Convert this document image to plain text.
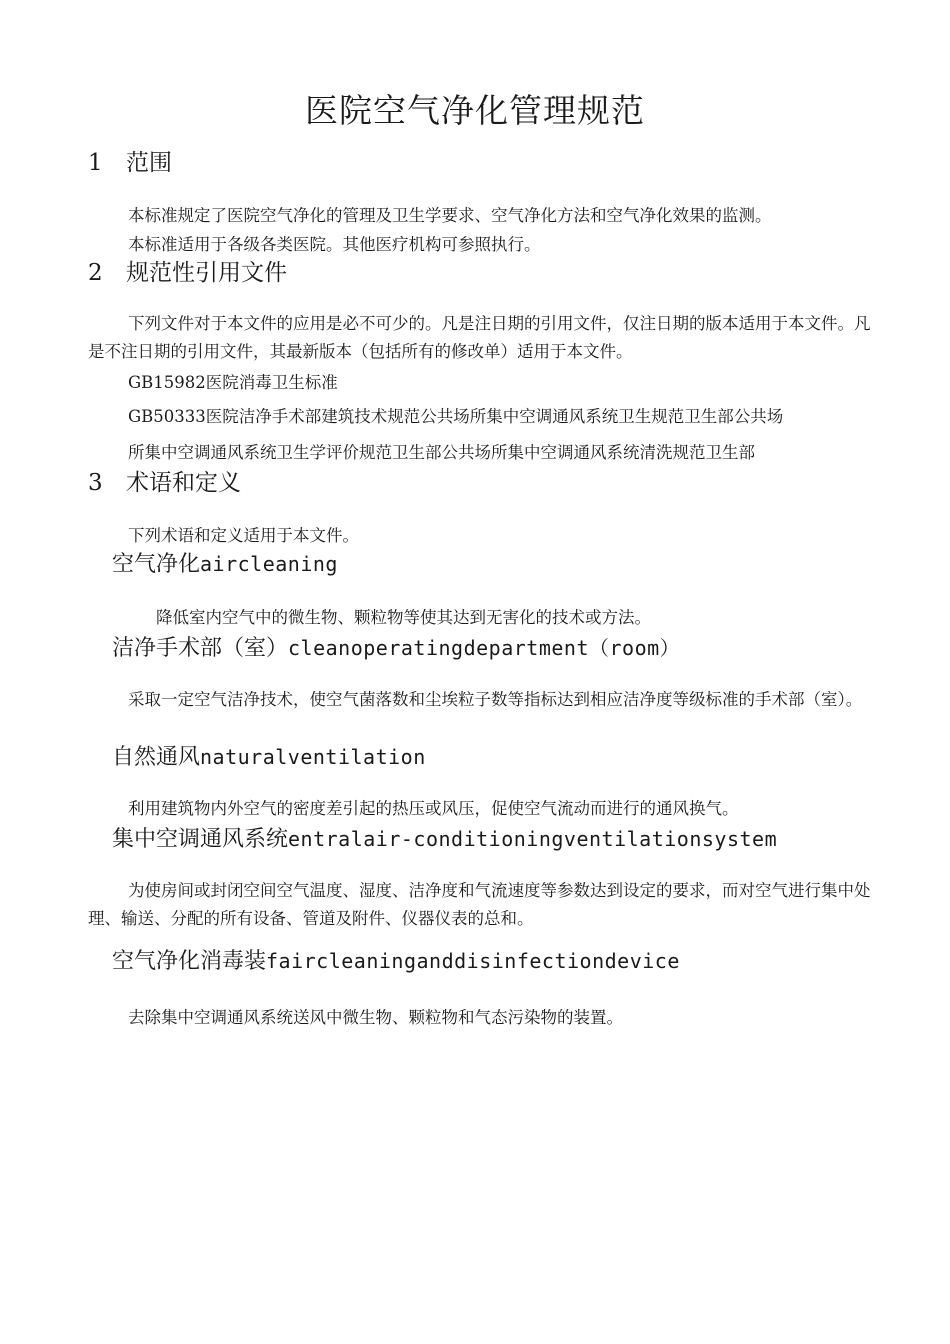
医院空气净化管理规范
1 范围
本标准规定了医院空气净化的管理及卫生学要求、空气净化方法和空气净化效果的监测。
本标准适用于各级各类医院。其他医疗机构可参照执行。
2 规范性引用文件
下列文件对于本文件的应用是必不可少的。凡是注日期的引用文件，仅注日期的版本适用于本文件。凡是不注日期的引用文件，其最新版本（包括所有的修改单）适用于本文件。
GB15982医院消毒卫生标准
GB50333医院洁净手术部建筑技术规范公共场所集中空调通风系统卫生规范卫生部公共场
所集中空调通风系统卫生学评价规范卫生部公共场所集中空调通风系统清洗规范卫生部
3 术语和定义
下列术语和定义适用于本文件。
空气净化aircleaning
降低室内空气中的微生物、颗粒物等使其达到无害化的技术或方法。
洁净手术部（室）cleanoperatingdepartment（room）
采取一定空气洁净技术，使空气菌落数和尘埃粒子数等指标达到相应洁净度等级标准的手术部（室）。
自然通风naturalventilation
利用建筑物内外空气的密度差引起的热压或风压，促使空气流动而进行的通风换气。
集中空调通风系统entralair-conditioningventilationsystem
为使房间或封闭空间空气温度、湿度、洁净度和气流速度等参数达到设定的要求，而对空气进行集中处理、输送、分配的所有设备、管道及附件、仪器仪表的总和。
空气净化消毒装faircleaninganddisinfectiondevice
去除集中空调通风系统送风中微生物、颗粒物和气态污染物的装置。
